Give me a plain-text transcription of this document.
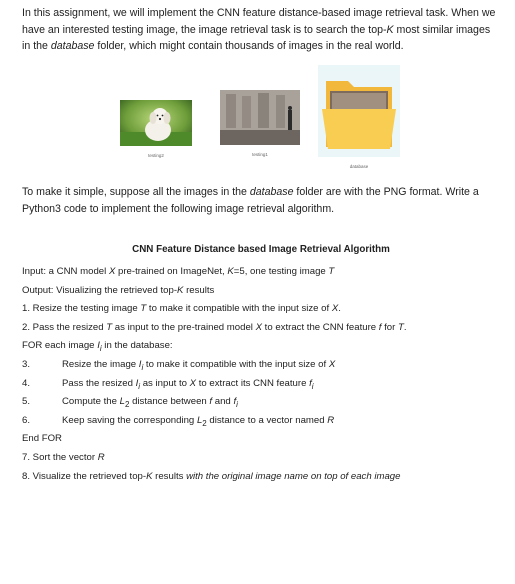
In this assignment, we will implement the CNN feature distance-based image retrieval task. When we have an interested testing image, the image retrieval task is to search the top-K most similar images in the database folder, which might contain thousands of images in the real world.

testing2	testing1
database

To make it simple, suppose all the images in the database folder are with the PNG format. Write a Python3 code to implement the following image retrieval algorithm.

CNN Feature Distance based Image Retrieval Algorithm
Input: a CNN model X pre-trained on ImageNet, K=5, one testing image T
Output: Visualizing the retrieved top-K results
1. Resize the testing image T to make it compatible with the input size of X.
2. Pass the resized T as input to the pre-trained model X to extract the CNN feature f for T.
FOR each image $I_i$ in the database:
3.	Resize the image $I_i$ to make it compatible with the input size of X
4.	Pass the resized $I_i$ as input to X to extract its CNN feature $f_i$
5.	Compute the $L_2$ distance between f and $f_i$
6.	Keep saving the corresponding $L_2$ distance to a vector named R
End FOR
7. Sort the vector R
8. Visualize the retrieved top-K results with the original image name on top of each image
